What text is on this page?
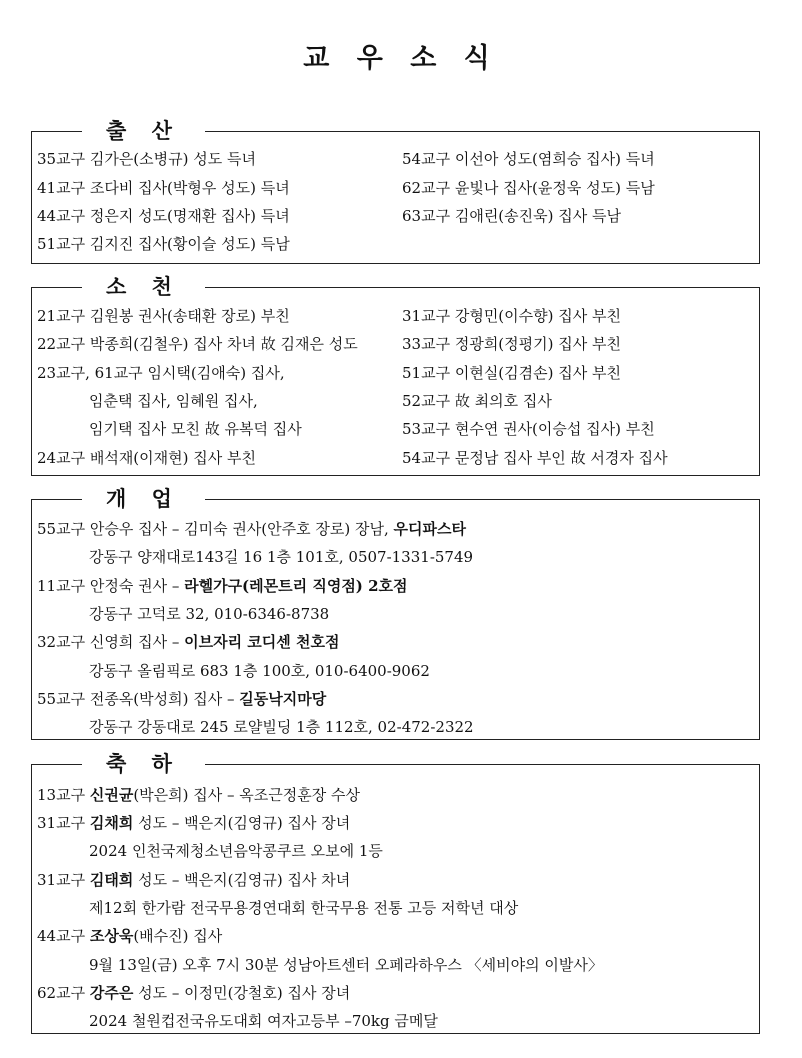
교 우 소 식
출 산
35교구 김가은(소병규) 성도 득녀
41교구 조다비 집사(박형우 성도) 득녀
44교구 정은지 성도(명재환 집사) 득녀
51교구 김지진 집사(황이슬 성도) 득남
54교구 이선아 성도(염희승 집사) 득녀
62교구 윤빛나 집사(윤정욱 성도) 득남
63교구 김애린(송진욱) 집사 득남
소 천
21교구 김원봉 권사(송태환 장로) 부친
22교구 박종희(김철우) 집사 차녀 故 김재은 성도
23교구, 61교구 임시택(김애숙) 집사,
임춘택 집사, 임혜원 집사,
임기택 집사 모친 故 유복덕 집사
24교구 배석재(이재현) 집사 부친
31교구 강형민(이수향) 집사 부친
33교구 정광희(정평기) 집사 부친
51교구 이현실(김겸손) 집사 부친
52교구 故 최의호 집사
53교구 현수연 권사(이승섭 집사) 부친
54교구 문정남 집사 부인 故 서경자 집사
개 업
55교구 안승우 집사 – 김미숙 권사(안주호 장로) 장남, 우디파스타
강동구 양재대로143길 16 1층 101호, 0507-1331-5749
11교구 안정숙 권사 – 라헬가구(레몬트리 직영점) 2호점
강동구 고덕로 32, 010-6346-8738
32교구 신영희 집사 – 이브자리 코디센 천호점
강동구 올림픽로 683 1층 100호, 010-6400-9062
55교구 전종옥(박성희) 집사 – 길동낙지마당
강동구 강동대로 245 로얄빌딩 1층 112호, 02-472-2322
축 하
13교구 신권균(박은희) 집사 – 옥조근정훈장 수상
31교구 김채희 성도 – 백은지(김영규) 집사 장녀
2024 인천국제청소년음악콩쿠르 오보에 1등
31교구 김태희 성도 – 백은지(김영규) 집사 차녀
제12회 한가람 전국무용경연대회 한국무용 전통 고등 저학년 대상
44교구 조상욱(배수진) 집사
9월 13일(금) 오후 7시 30분 성남아트센터 오페라하우스 〈세비야의 이발사〉
62교구 강주은 성도 – 이정민(강철호) 집사 장녀
2024 철원컵전국유도대회 여자고등부 –70kg 금메달
